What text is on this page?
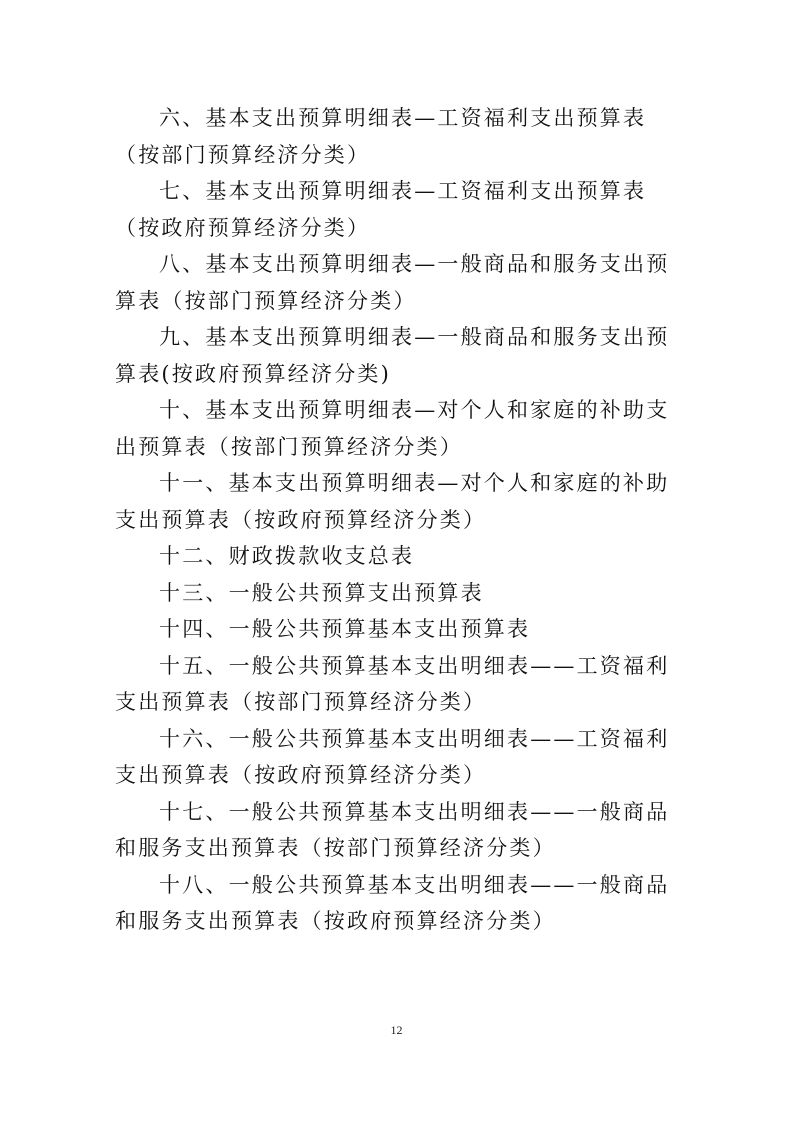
六、基本支出预算明细表—工资福利支出预算表（按部门预算经济分类）

七、基本支出预算明细表—工资福利支出预算表（按政府预算经济分类）

八、基本支出预算明细表—一般商品和服务支出预算表（按部门预算经济分类）

九、基本支出预算明细表—一般商品和服务支出预算表(按政府预算经济分类)

十、基本支出预算明细表—对个人和家庭的补助支出预算表（按部门预算经济分类）

十一、基本支出预算明细表—对个人和家庭的补助支出预算表（按政府预算经济分类）

十二、财政拨款收支总表

十三、一般公共预算支出预算表

十四、一般公共预算基本支出预算表

十五、一般公共预算基本支出明细表——工资福利支出预算表（按部门预算经济分类）

十六、一般公共预算基本支出明细表——工资福利支出预算表（按政府预算经济分类）

十七、一般公共预算基本支出明细表——一般商品和服务支出预算表（按部门预算经济分类）

十八、一般公共预算基本支出明细表——一般商品和服务支出预算表（按政府预算经济分类）

12
